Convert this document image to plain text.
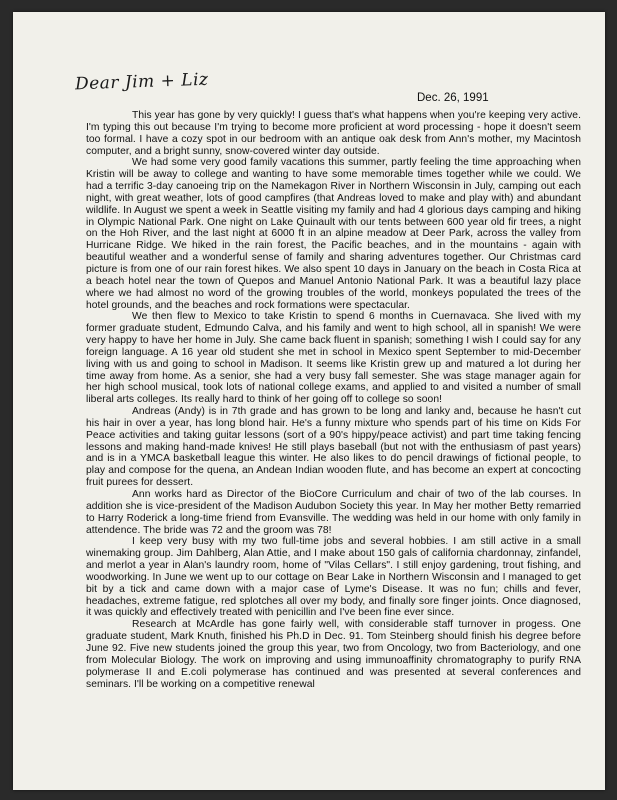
Dear Jim + Liz
Dec. 26, 1991

This year has gone by very quickly! I guess that's what happens when you're keeping very active. I'm typing this out because I'm trying to become more proficient at word processing - hope it doesn't seem too formal. I have a cozy spot in our bedroom with an antique oak desk from Ann's mother, my Macintosh computer, and a bright sunny, snow-covered winter day outside.

We had some very good family vacations this summer, partly feeling the time approaching when Kristin will be away to college and wanting to have some memorable times together while we could. We had a terrific 3-day canoeing trip on the Namekagon River in Northern Wisconsin in July, camping out each night, with great weather, lots of good campfires (that Andreas loved to make and play with) and abundant wildlife. In August we spent a week in Seattle visiting my family and had 4 glorious days camping and hiking in Olympic National Park. One night on Lake Quinault with our tents between 600 year old fir trees, a night on the Hoh River, and the last night at 6000 ft in an alpine meadow at Deer Park, across the valley from Hurricane Ridge. We hiked in the rain forest, the Pacific beaches, and in the mountains - again with beautiful weather and a wonderful sense of family and sharing adventures together. Our Christmas card picture is from one of our rain forest hikes. We also spent 10 days in January on the beach in Costa Rica at a beach hotel near the town of Quepos and Manuel Antonio National Park. It was a beautiful lazy place where we had almost no word of the growing troubles of the world, monkeys populated the trees of the hotel grounds, and the beaches and rock formations were spectacular.

We then flew to Mexico to take Kristin to spend 6 months in Cuernavaca. She lived with my former graduate student, Edmundo Calva, and his family and went to high school, all in spanish! We were very happy to have her home in July. She came back fluent in spanish; something I wish I could say for any foreign language. A 16 year old student she met in school in Mexico spent September to mid-December living with us and going to school in Madison. It seems like Kristin grew up and matured a lot during her time away from home. As a senior, she had a very busy fall semester. She was stage manager again for her high school musical, took lots of national college exams, and applied to and visited a number of small liberal arts colleges. Its really hard to think of her going off to college so soon!

Andreas (Andy) is in 7th grade and has grown to be long and lanky and, because he hasn't cut his hair in over a year, has long blond hair. He's a funny mixture who spends part of his time on Kids For Peace activities and taking guitar lessons (sort of a 90's hippy/peace activist) and part time taking fencing lessons and making hand-made knives! He still plays baseball (but not with the enthusiasm of past years) and is in a YMCA basketball league this winter. He also likes to do pencil drawings of fictional people, to play and compose for the quena, an Andean Indian wooden flute, and has become an expert at concocting fruit purees for dessert.

Ann works hard as Director of the BioCore Curriculum and chair of two of the lab courses. In addition she is vice-president of the Madison Audubon Society this year. In May her mother Betty remarried to Harry Roderick a long-time friend from Evansville. The wedding was held in our home with only family in attendence. The bride was 72 and the groom was 78!

I keep very busy with my two full-time jobs and several hobbies. I am still active in a small winemaking group. Jim Dahlberg, Alan Attie, and I make about 150 gals of california chardonnay, zinfandel, and merlot a year in Alan's laundry room, home of "Vilas Cellars". I still enjoy gardening, trout fishing, and woodworking. In June we went up to our cottage on Bear Lake in Northern Wisconsin and I managed to get bit by a tick and came down with a major case of Lyme's Disease. It was no fun; chills and fever, headaches, extreme fatigue, red splotches all over my body, and finally sore finger joints. Once diagnosed, it was quickly and effectively treated with penicillin and I've been fine ever since.

Research at McArdle has gone fairly well, with considerable staff turnover in progess. One graduate student, Mark Knuth, finished his Ph.D in Dec. 91. Tom Steinberg should finish his degree before June 92. Five new students joined the group this year, two from Oncology, two from Bacteriology, and one from Molecular Biology. The work on improving and using immunoaffinity chromatography to purify RNA polymerase II and E.coli polymerase has continued and was presented at several conferences and seminars. I'll be working on a competitive renewal
